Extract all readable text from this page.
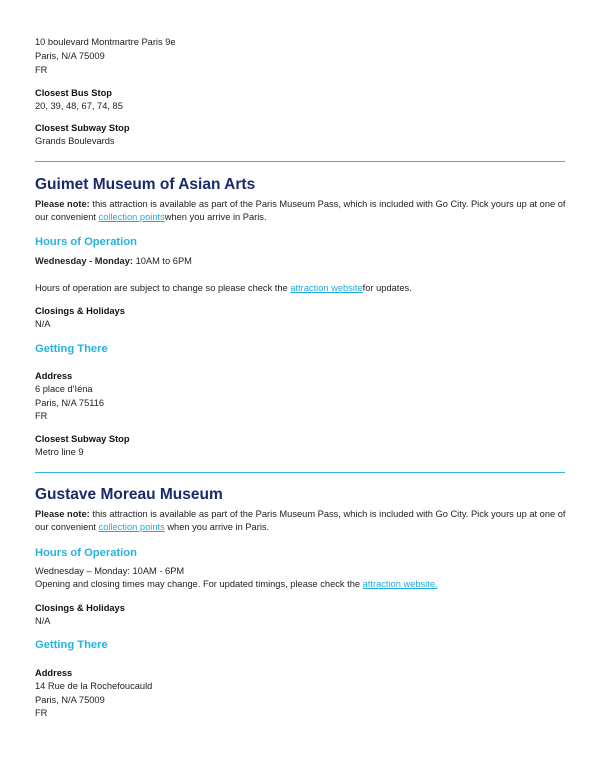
10 boulevard Montmartre Paris 9e
Paris, N/A 75009
FR
Closest Bus Stop
20, 39, 48, 67, 74, 85
Closest Subway Stop
Grands Boulevards
Guimet Museum of Asian Arts
Please note: this attraction is available as part of the Paris Museum Pass, which is included with Go City. Pick yours up at one of
our convenient collection pointswhen you arrive in Paris.
Hours of Operation
Wednesday - Monday: 10AM to 6PM
Hours of operation are subject to change so please check the attraction websitefor updates.
Closings & Holidays
N/A
Getting There
Address
6 place d'Iéna
Paris, N/A 75116
FR
Closest Subway Stop
Metro line 9
Gustave Moreau Museum
Please note: this attraction is available as part of the Paris Museum Pass, which is included with Go City. Pick yours up at one of
our convenient collection points when you arrive in Paris.
Hours of Operation
Wednesday – Monday: 10AM - 6PM
Opening and closing times may change. For updated timings, please check the attraction website.
Closings & Holidays
N/A
Getting There
Address
14 Rue de la Rochefoucauld
Paris, N/A 75009
FR
